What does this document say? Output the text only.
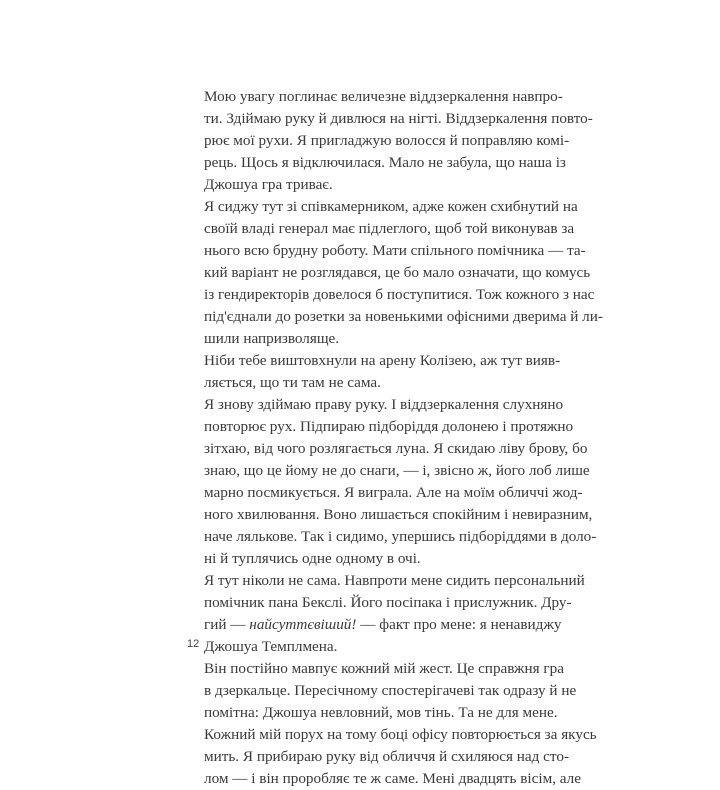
Мою увагу поглинає величезне віддзеркалення навпро-
ти. Здіймаю руку й дивлюся на нігті. Віддзеркалення повто-
рює мої рухи. Я пригладжую волосся й поправляю комі-
рець. Щось я відключилася. Мало не забула, що наша із
Джошуа гра триває.

Я сиджу тут зі співкамерником, адже кожен схибнутий на
своїй владі генерал має підлеглого, щоб той виконував за
нього всю брудну роботу. Мати спільного помічника — та-
кий варіант не розглядався, це бо мало означати, що комусь
із гендиректорів довелося б поступитися. Тож кожного з нас
під'єднали до розетки за новенькими офісними дверима й ли-
шили напризволяще.

Ніби тебе виштовхнули на арену Колізею, аж тут вияв-
ляється, що ти там не сама.

Я знову здіймаю праву руку. І віддзеркалення слухняно
повторює рух. Підпираю підборіддя долонею і протяжно
зітхаю, від чого розлягається луна. Я скидаю ліву брову, бо
знаю, що це йому не до снаги, — і, звісно ж, його лоб лише
марно посмикується. Я виграла. Але на моїм обличчі жод-
ного хвилювання. Воно лишається спокійним і невиразним,
наче лялькове. Так і сидимо, упершись підборіддями в доло-
ні й туплячись одне одному в очі.

Я тут ніколи не сама. Навпроти мене сидить персональний
помічник пана Бекслі. Його посіпака і прислужник. Дру-
гий — найсуттєвіший! — факт про мене: я ненавиджу
Джошуа Темплмена.

Він постійно мавпує кожний мій жест. Це справжня гра
в дзеркальце. Пересічному спостерігачеві так одразу й не
помітна: Джошуа невловний, мов тінь. Та не для мене.
Кожний мій порух на тому боці офісу повторюється за якусь
мить. Я прибираю руку від обличчя й схиляюся над сто-
лом — і він проробляє те ж саме. Мені двадцять вісім, але

12
